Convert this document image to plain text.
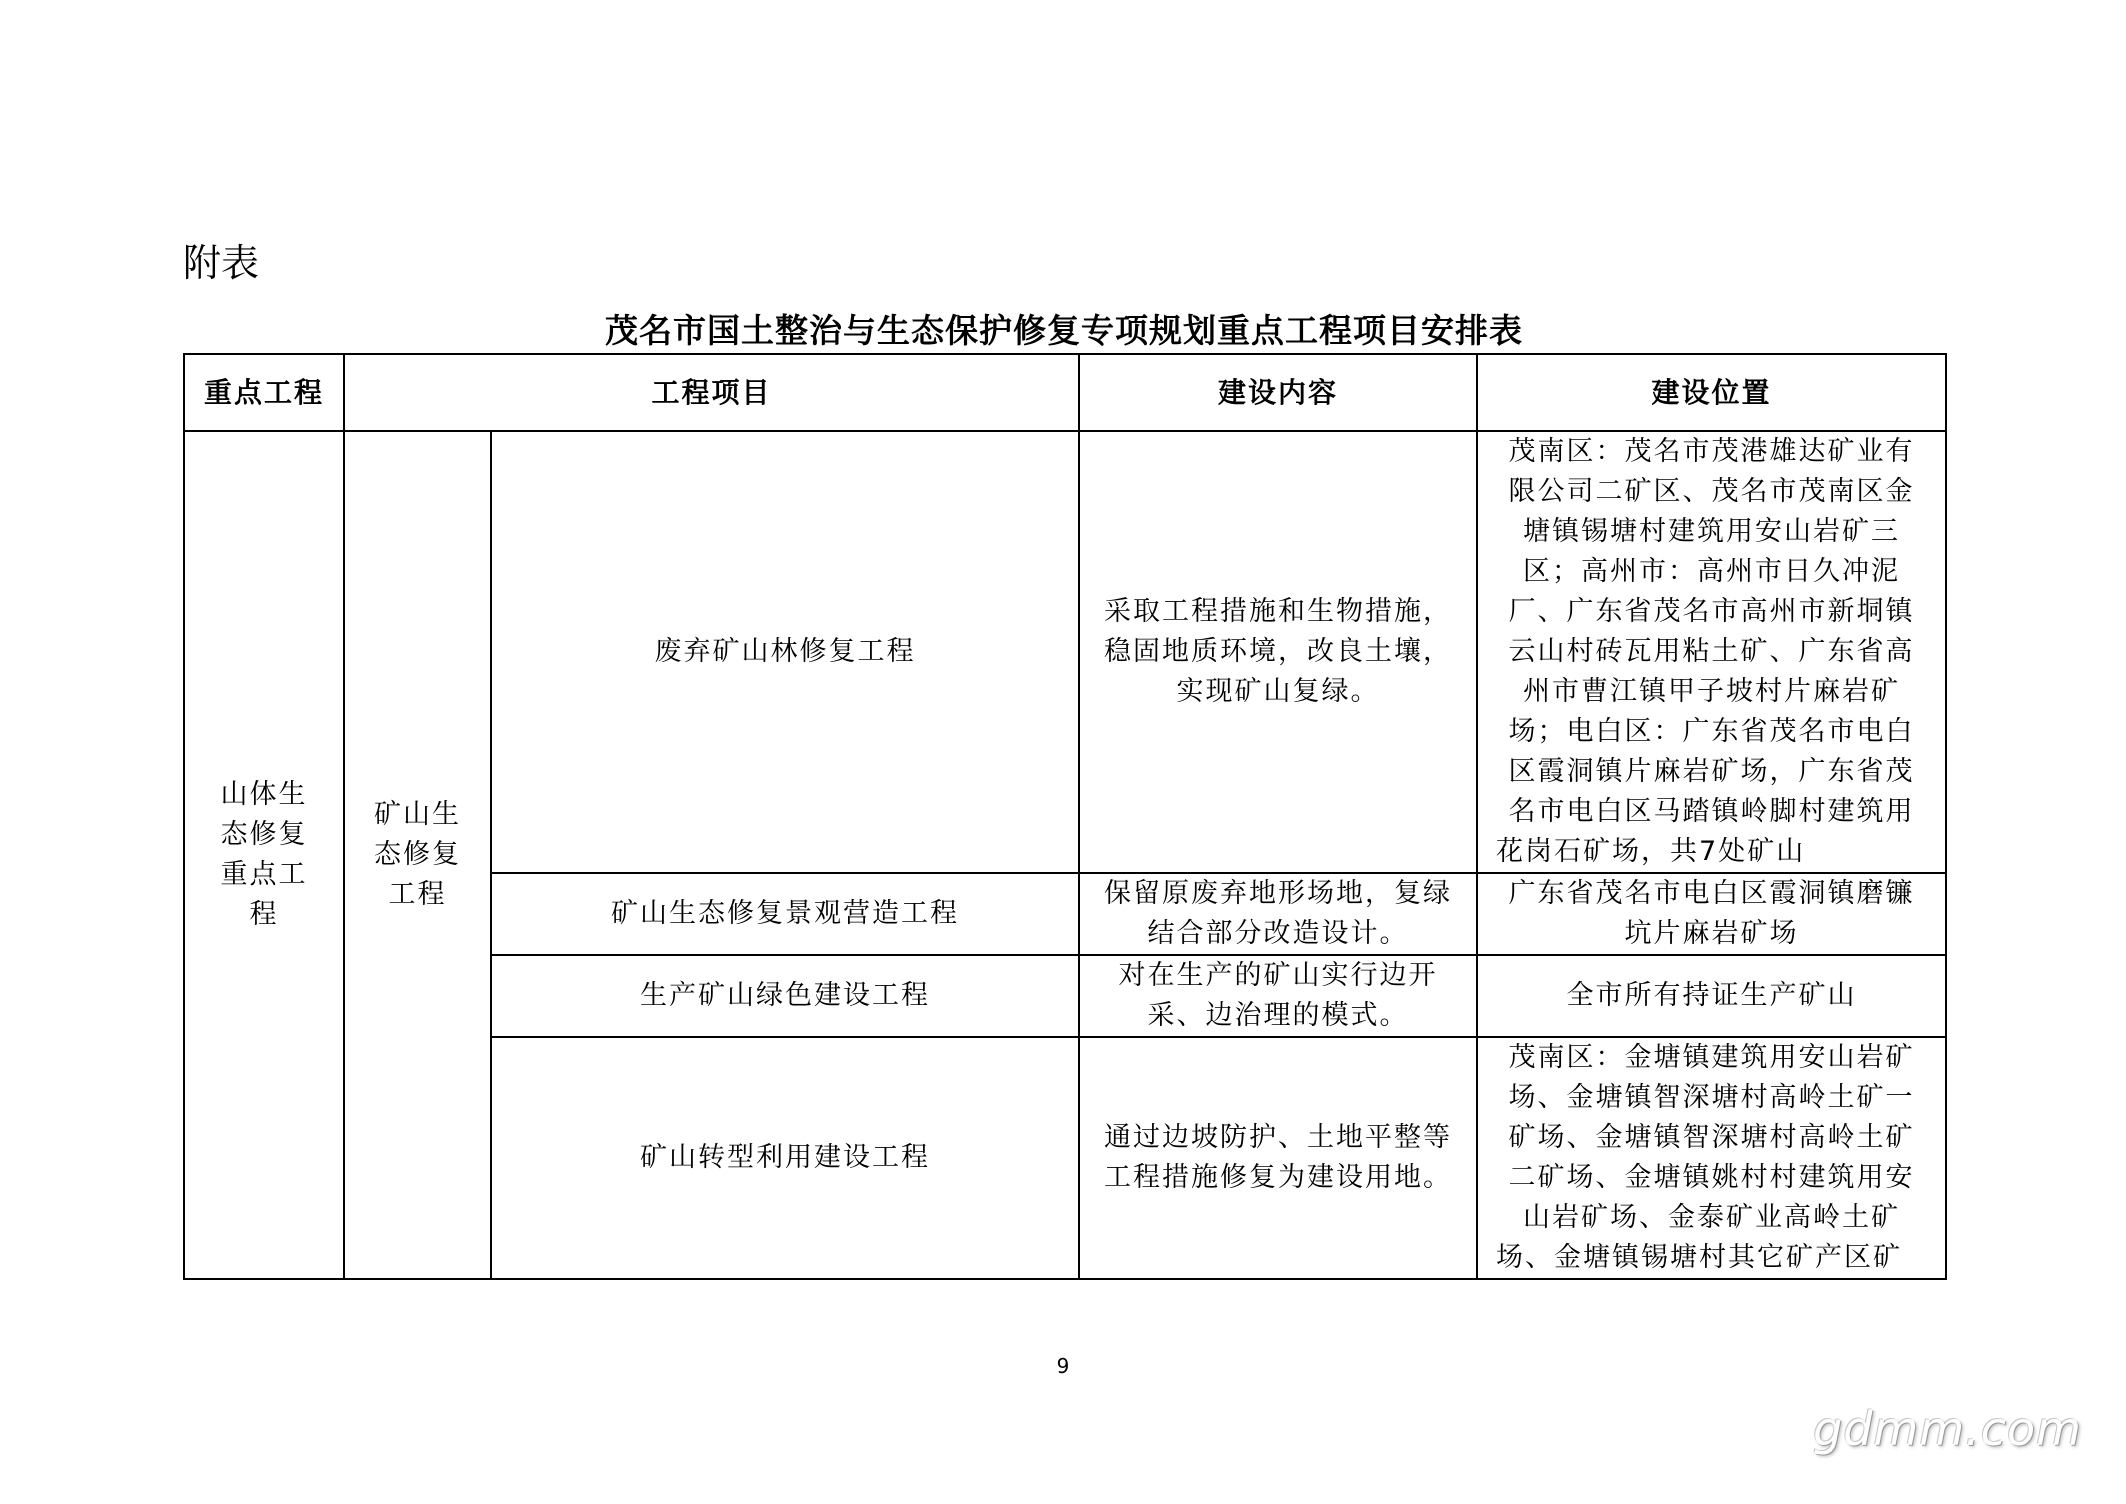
附表
茂名市国土整治与生态保护修复专项规划重点工程项目安排表
重点工程	工程项目		建设内容	建设位置
山体生态修复重点工程	矿山生态修复工程	废弃矿山林修复工程	采取工程措施和生物措施，稳固地质环境，改良土壤，实现矿山复绿。	茂南区：茂名市茂港雄达矿业有限公司二矿区、茂名市茂南区金塘镇锡塘村建筑用安山岩矿三区；高州市：高州市日久冲泥厂、广东省茂名市高州市新垌镇云山村砖瓦用粘土矿、广东省高州市曹江镇甲子坡村片麻岩矿场；电白区：广东省茂名市电白区霞洞镇片麻岩矿场，广东省茂名市电白区马踏镇岭脚村建筑用花岗石矿场，共7处矿山
		矿山生态修复景观营造工程	保留原废弃地形场地，复绿结合部分改造设计。	广东省茂名市电白区霞洞镇磨镰坑片麻岩矿场
		生产矿山绿色建设工程	对在生产的矿山实行边开采、边治理的模式。	全市所有持证生产矿山
		矿山转型利用建设工程	通过边坡防护、土地平整等工程措施修复为建设用地。	茂南区：金塘镇建筑用安山岩矿场、金塘镇智深塘村高岭土矿一矿场、金塘镇智深塘村高岭土矿二矿场、金塘镇姚村村建筑用安山岩矿场、金泰矿业高岭土矿场、金塘镇锡塘村其它矿产区矿
9
gdmm.com
